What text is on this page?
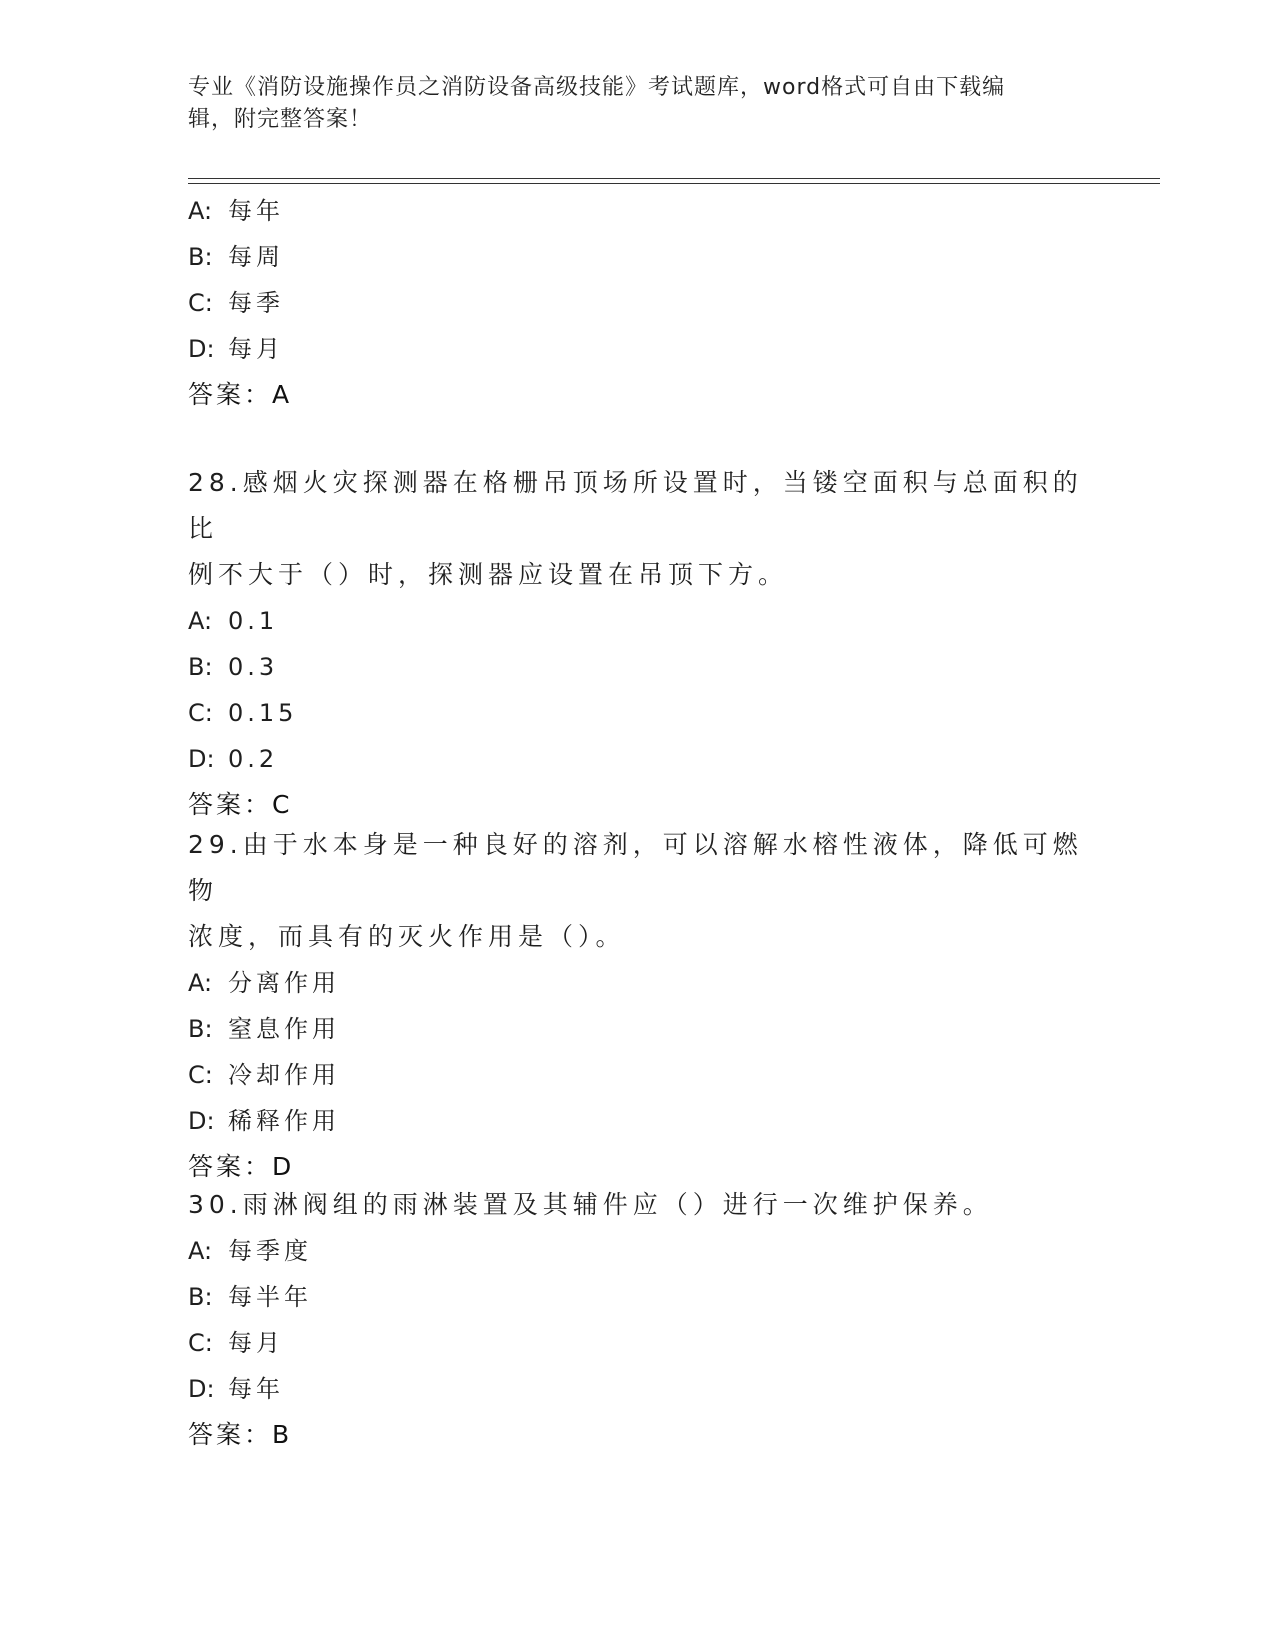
专业《消防设施操作员之消防设备高级技能》考试题库，word格式可自由下载编
辑，附完整答案！
A: 每年
B: 每周
C: 每季
D: 每月
答案：A
28.感烟火灾探测器在格栅吊顶场所设置时，当镂空面积与总面积的比
例不大于（）时，探测器应设置在吊顶下方。
A: 0.1
B: 0.3
C: 0.15
D: 0.2
答案：C
29.由于水本身是一种良好的溶剂，可以溶解水榕性液体，降低可燃物
浓度，而具有的灭火作用是（）。
A: 分离作用
B: 窒息作用
C: 冷却作用
D: 稀释作用
答案：D
30.雨淋阀组的雨淋装置及其辅件应（）进行一次维护保养。
A: 每季度
B: 每半年
C: 每月
D: 每年
答案：B
